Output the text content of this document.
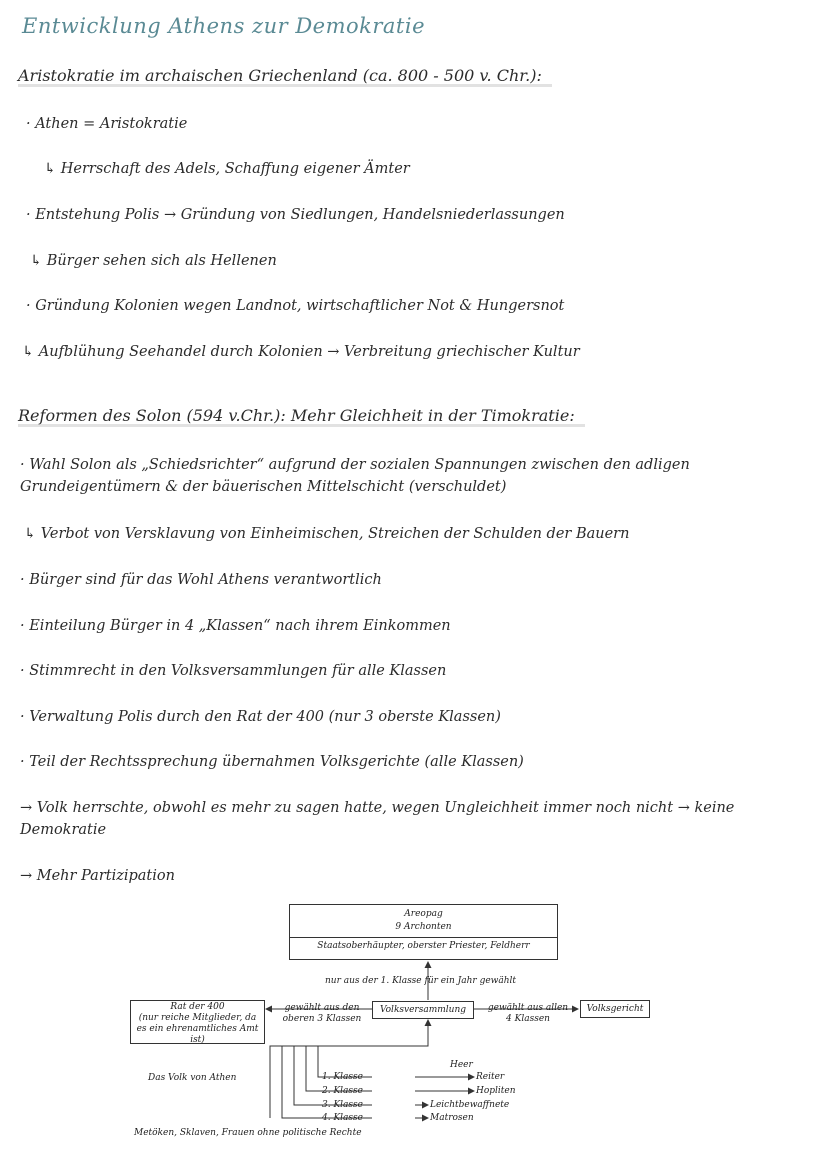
Entwicklung Athens zur Demokratie
Aristokratie im archaischen Griechenland (ca. 800 - 500 v. Chr.):
· Athen = Aristokratie
↳ Herrschaft des Adels, Schaffung eigener Ämter
· Entstehung Polis → Gründung von Siedlungen, Handelsniederlassungen
↳ Bürger sehen sich als Hellenen
· Gründung Kolonien wegen Landnot, wirtschaftlicher Not & Hungersnot
↳ Aufblühung Seehandel durch Kolonien → Verbreitung griechischer Kultur
Reformen des Solon (594 v.Chr.): Mehr Gleichheit in der Timokratie:
· Wahl Solon als „Schiedsrichter“ aufgrund der sozialen Spannungen zwischen den adligen Grundeigentümern & der bäuerischen Mittelschicht (verschuldet)
↳ Verbot von Versklavung von Einheimischen, Streichen der Schulden der Bauern
· Bürger sind für das Wohl Athens verantwortlich
· Einteilung Bürger in 4 „Klassen“ nach ihrem Einkommen
· Stimmrecht in den Volksversammlungen für alle Klassen
· Verwaltung Polis durch den Rat der 400 (nur 3 oberste Klassen)
· Teil der Rechtssprechung übernahmen Volksgerichte (alle Klassen)
→ Volk herrschte, obwohl es mehr zu sagen hatte, wegen Ungleichheit immer noch nicht → keine Demokratie
→ Mehr Partizipation
Areopag
9 Archonten
Staatsoberhäupter, oberster Priester, Feldherr
nur aus der 1. Klasse für ein Jahr gewählt
Rat der 400
(nur reiche Mitglieder, da es ein ehrenamtliches Amt ist)
gewählt aus den oberen 3 Klassen
Volksversammlung	gewählt aus allen 4 Klassen
Volksgericht
Das Volk von Athen
Heer
1. Klasse
2. Klasse
3. Klasse
4. Klasse
Reiter
Hopliten
Leichtbewaffnete
Matrosen
Metöken, Sklaven, Frauen ohne politische Rechte
